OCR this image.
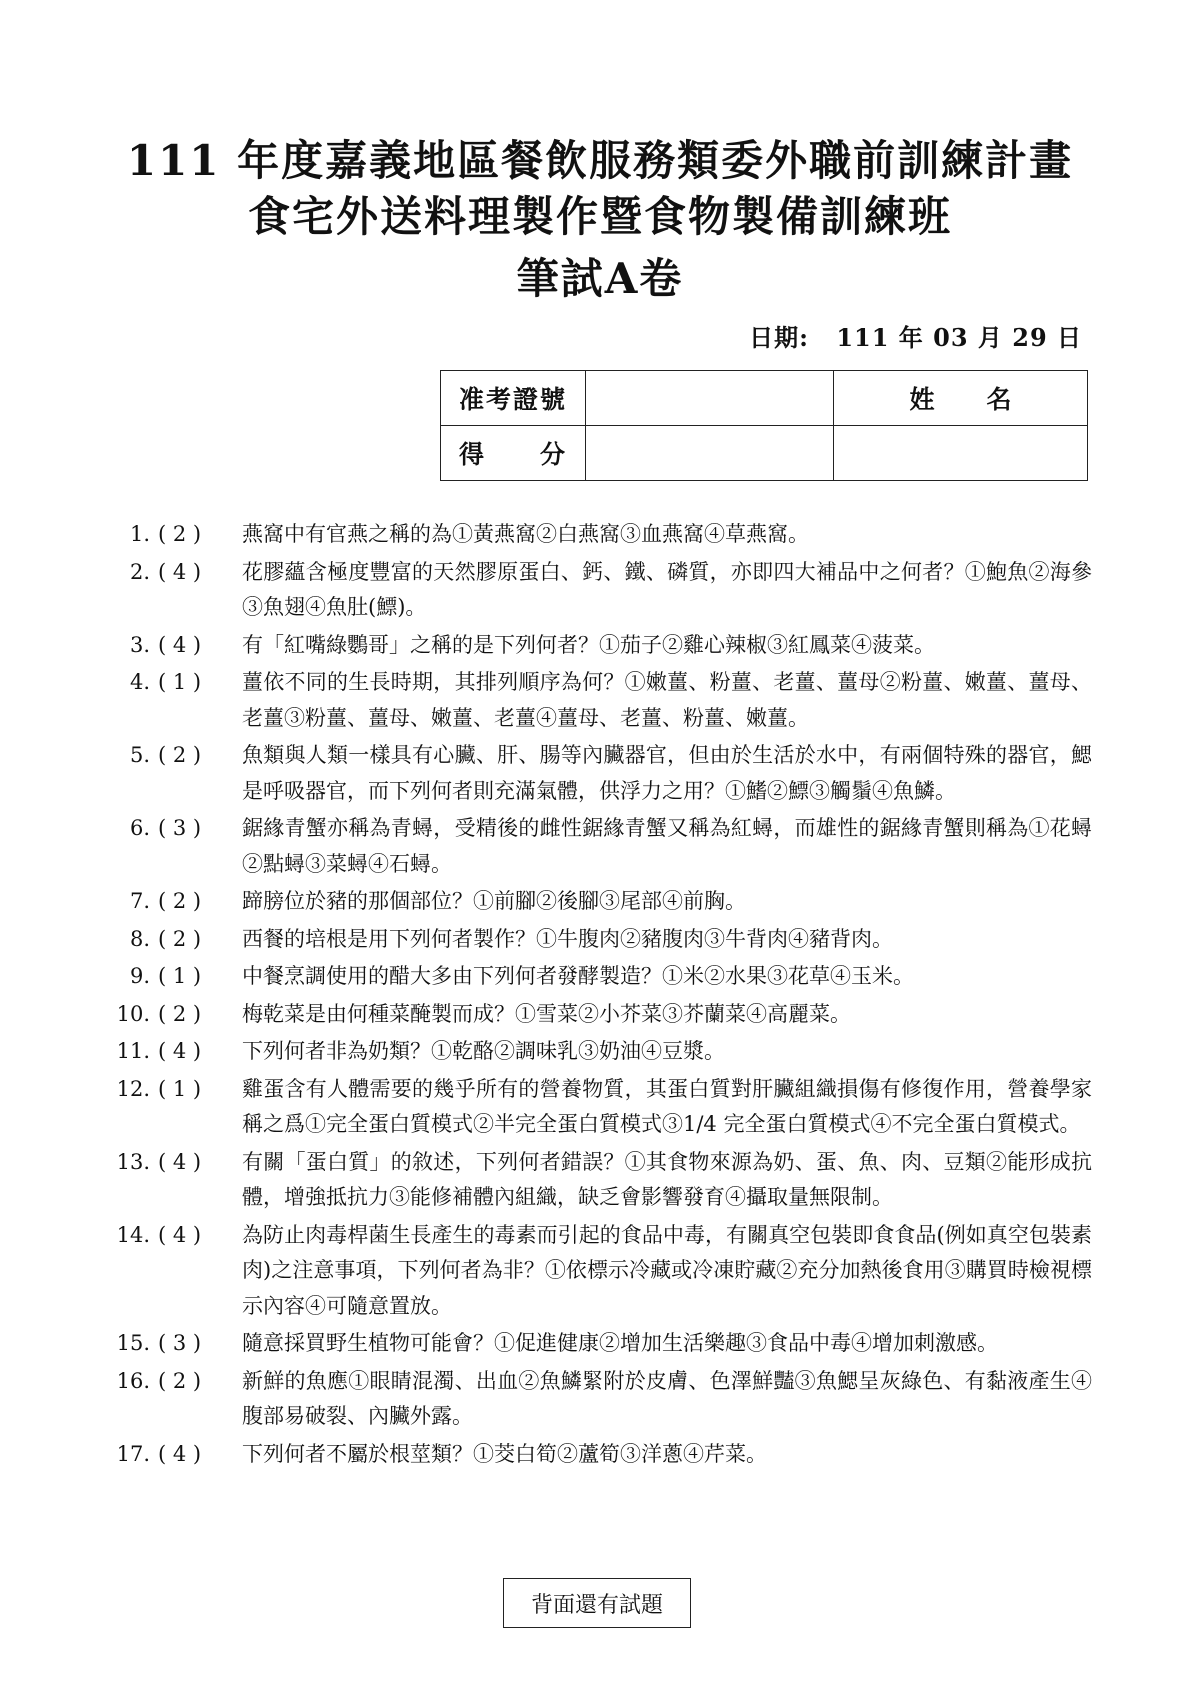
111 年度嘉義地區餐飲服務類委外職前訓練計畫
食宅外送料理製作暨食物製備訓練班
筆試A卷
日期: 111 年 03 月 29 日
准 考 證 號		姓 名

得 分		

1. ( 2 )	燕窩中有官燕之稱的為①黃燕窩②白燕窩③血燕窩④草燕窩。
2. ( 4 )	花膠蘊含極度豐富的天然膠原蛋白、鈣、鐵、磷質，亦即四大補品中之何者？①鮑魚②海參③魚翅④魚肚(鰾)。
3. ( 4 )	有「紅嘴綠鸚哥」之稱的是下列何者？①茄子②雞心辣椒③紅鳳菜④菠菜。
4. ( 1 )	薑依不同的生長時期，其排列順序為何？①嫩薑、粉薑、老薑、薑母②粉薑、嫩薑、薑母、老薑③粉薑、薑母、嫩薑、老薑④薑母、老薑、粉薑、嫩薑。
5. ( 2 )	魚類與人類一樣具有心臟、肝、腸等內臟器官，但由於生活於水中，有兩個特殊的器官，鰓是呼吸器官，而下列何者則充滿氣體，供浮力之用？①鰭②鰾③觸鬚④魚鱗。
6. ( 3 )	鋸緣青蟹亦稱為青蟳，受精後的雌性鋸緣青蟹又稱為紅蟳，而雄性的鋸緣青蟹則稱為①花蟳②點蟳③菜蟳④石蟳。
7. ( 2 )	蹄膀位於豬的那個部位？①前腳②後腳③尾部④前胸。
8. ( 2 )	西餐的培根是用下列何者製作？①牛腹肉②豬腹肉③牛背肉④豬背肉。
9. ( 1 )	中餐烹調使用的醋大多由下列何者發酵製造？①米②水果③花草④玉米。
10. ( 2 )	梅乾菜是由何種菜醃製而成？①雪菜②小芥菜③芥蘭菜④高麗菜。
11. ( 4 )	下列何者非為奶類？①乾酪②調味乳③奶油④豆漿。
12. ( 1 )	雞蛋含有人體需要的幾乎所有的營養物質，其蛋白質對肝臟組織損傷有修復作用，營養學家稱之爲①完全蛋白質模式②半完全蛋白質模式③1/4 完全蛋白質模式④不完全蛋白質模式。
13. ( 4 )	有關「蛋白質」的敘述，下列何者錯誤？①其食物來源為奶、蛋、魚、肉、豆類②能形成抗體，增強抵抗力③能修補體內組織，缺乏會影響發育④攝取量無限制。
14. ( 4 )	為防止肉毒桿菌生長產生的毒素而引起的食品中毒，有關真空包裝即食食品(例如真空包裝素肉)之注意事項，下列何者為非？①依標示冷藏或冷凍貯藏②充分加熱後食用③購買時檢視標示內容④可隨意置放。
15. ( 3 )	隨意採買野生植物可能會？①促進健康②增加生活樂趣③食品中毒④增加刺激感。
16. ( 2 )	新鮮的魚應①眼睛混濁、出血②魚鱗緊附於皮膚、色澤鮮豔③魚鰓呈灰綠色、有黏液產生④腹部易破裂、內臟外露。
17. ( 4 )	下列何者不屬於根莖類？①茭白筍②蘆筍③洋蔥④芹菜。
背面還有試題
